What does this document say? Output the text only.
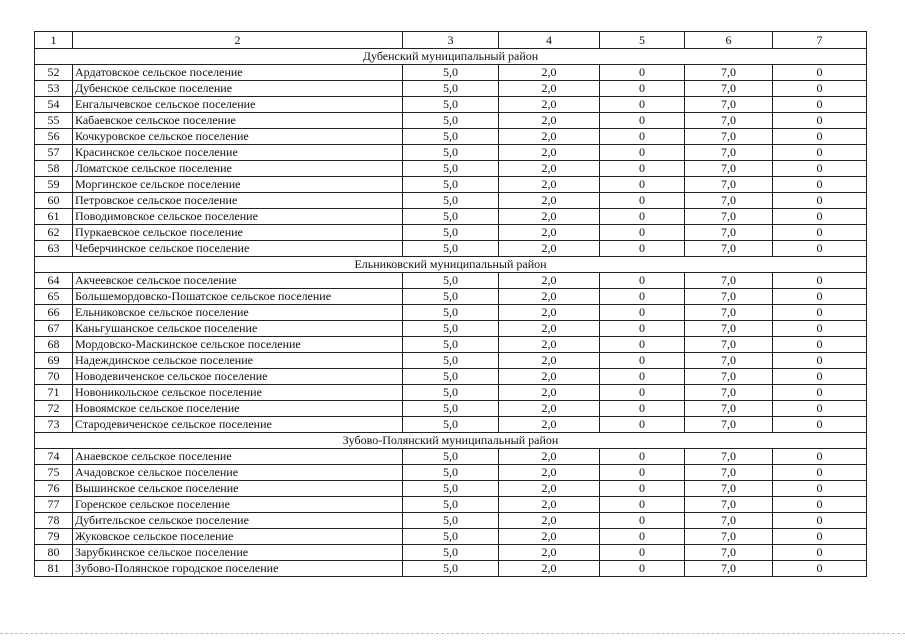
1	2	3	4	5	6	7
Дубенский муниципальный район						
52	Ардатовское сельское поселение	5,0	2,0	0	7,0	0
53	Дубенское сельское поселение	5,0	2,0	0	7,0	0
54	Енгалычевское сельское поселение	5,0	2,0	0	7,0	0
55	Кабаевское сельское поселение	5,0	2,0	0	7,0	0
56	Кочкуровское сельское поселение	5,0	2,0	0	7,0	0
57	Красинское сельское поселение	5,0	2,0	0	7,0	0
58	Ломатское сельское поселение	5,0	2,0	0	7,0	0
59	Моргинское сельское поселение	5,0	2,0	0	7,0	0
60	Петровское сельское поселение	5,0	2,0	0	7,0	0
61	Поводимовское сельское поселение	5,0	2,0	0	7,0	0
62	Пуркаевское сельское поселение	5,0	2,0	0	7,0	0
63	Чеберчинское сельское поселение	5,0	2,0	0	7,0	0
Ельниковский муниципальный район						
64	Акчеевское сельское поселение	5,0	2,0	0	7,0	0
65	Большемордовско-Пошатское сельское поселение	5,0	2,0	0	7,0	0
66	Ельниковское сельское поселение	5,0	2,0	0	7,0	0
67	Каньгушанское сельское поселение	5,0	2,0	0	7,0	0
68	Мордовско-Маскинское сельское поселение	5,0	2,0	0	7,0	0
69	Надеждинское сельское поселение	5,0	2,0	0	7,0	0
70	Новодевиченское сельское поселение	5,0	2,0	0	7,0	0
71	Новоникольское сельское поселение	5,0	2,0	0	7,0	0
72	Новоямское сельское поселение	5,0	2,0	0	7,0	0
73	Стародевиченское сельское поселение	5,0	2,0	0	7,0	0
Зубово-Полянский муниципальный район						
74	Анаевское сельское поселение	5,0	2,0	0	7,0	0
75	Ачадовское сельское поселение	5,0	2,0	0	7,0	0
76	Вышинское сельское поселение	5,0	2,0	0	7,0	0
77	Горенское сельское поселение	5,0	2,0	0	7,0	0
78	Дубительское сельское поселение	5,0	2,0	0	7,0	0
79	Жуковское сельское поселение	5,0	2,0	0	7,0	0
80	Зарубкинское сельское поселение	5,0	2,0	0	7,0	0
81	Зубово-Полянское городское поселение	5,0	2,0	0	7,0	0
